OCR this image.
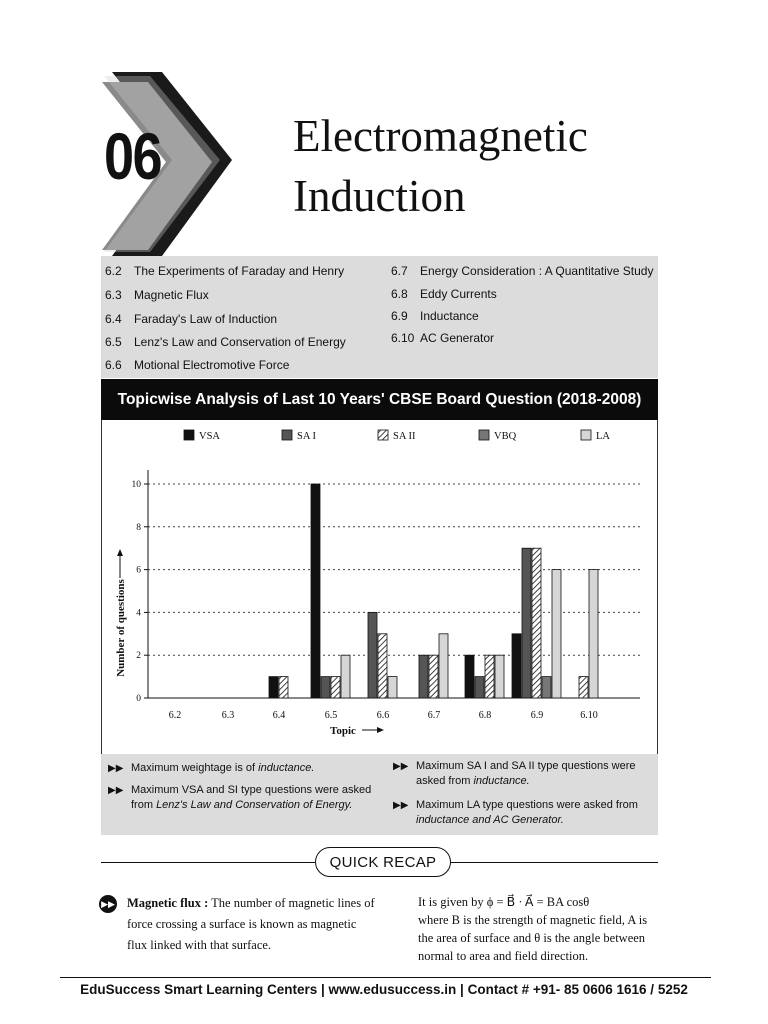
06	Electromagnetic
Induction
6.2 The Experiments of Faraday and Henry
6.3 Magnetic Flux
6.4 Faraday's Law of Induction
6.5 Lenz's Law and Conservation of Energy
6.6 Motional Electromotive Force
6.7 Energy Consideration : A Quantitative Study
6.8 Eddy Currents
6.9 Inductance
6.10 AC Generator
Topicwise Analysis of Last 10 Years' CBSE Board Question (2018-2008)
VSA	SA I	SA II	VBQ	LA
0
2
4
6
8
10
Number of questions
6.2	6.3	6.4	6.5	6.6	6.7	6.8	6.9	6.10
Topic
▶▶ Maximum weightage is of inductance.
▶▶ Maximum VSA and SI type questions were asked
from Lenz's Law and Conservation of Energy.
▶▶ Maximum SA I and SA II type questions were
asked from inductance.
▶▶ Maximum LA type questions were asked from
inductance and AC Generator.
QUICK RECAP
▶▶ Magnetic flux : The number of magnetic lines of force crossing a surface is known as magnetic flux linked with that surface.
It is given by ϕ = B⃗ · A⃗ = BA cosθ
where B is the strength of magnetic field, A is the area of surface and θ is the angle between normal to area and field direction.
EduSuccess Smart Learning Centers | www.edusuccess.in | Contact # +91- 85 0606 1616 / 5252
